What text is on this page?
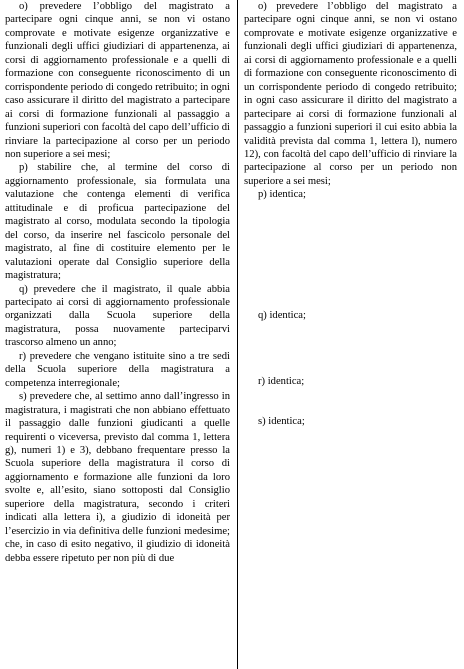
o) prevedere l’obbligo del magistrato a partecipare ogni cinque anni, se non vi ostano comprovate e motivate esigenze organizzative e funzionali degli uffici giudiziari di appartenenza, ai corsi di aggiornamento professionale e a quelli di formazione con conseguente riconoscimento di un corrispondente periodo di congedo retribuito; in ogni caso assicurare il diritto del magistrato a partecipare ai corsi di formazione funzionali al passaggio a funzioni superiori con facoltà del capo dell’ufficio di rinviare la partecipazione al corso per un periodo non superiore a sei mesi;

p) stabilire che, al termine del corso di aggiornamento professionale, sia formulata una valutazione che contenga elementi di verifica attitudinale e di proficua partecipazione del magistrato al corso, modulata secondo la tipologia del corso, da inserire nel fascicolo personale del magistrato, al fine di costituire elemento per le valutazioni operate dal Consiglio superiore della magistratura;

q) prevedere che il magistrato, il quale abbia partecipato ai corsi di aggiornamento professionale organizzati dalla Scuola superiore della magistratura, possa nuovamente parteciparvi trascorso almeno un anno;

r) prevedere che vengano istituite sino a tre sedi della Scuola superiore della magistratura a competenza interregionale;

s) prevedere che, al settimo anno dall’ingresso in magistratura, i magistrati che non abbiano effettuato il passaggio dalle funzioni giudicanti a quelle requirenti o viceversa, previsto dal comma 1, lettera g), numeri 1) e 3), debbano frequentare presso la Scuola superiore della magistratura il corso di aggiornamento e formazione alle funzioni da loro svolte e, all’esito, siano sottoposti dal Consiglio superiore della magistratura, secondo i criteri indicati alla lettera i), a giudizio di idoneità per l’esercizio in via definitiva delle funzioni medesime; che, in caso di esito negativo, il giudizio di idoneità debba essere ripetuto per non più di due

o) prevedere l’obbligo del magistrato a partecipare ogni cinque anni, se non vi ostano comprovate e motivate esigenze organizzative e funzionali degli uffici giudiziari di appartenenza, ai corsi di aggiornamento professionale e a quelli di formazione con conseguente riconoscimento di un corrispondente periodo di congedo retribuito; in ogni caso assicurare il diritto del magistrato a partecipare ai corsi di formazione funzionali al passaggio a funzioni superiori il cui esito abbia la validità prevista dal comma 1, lettera l), numero 12), con facoltà del capo dell’ufficio di rinviare la partecipazione al corso per un periodo non superiore a sei mesi;

p) identica;

q) identica;

r) identica;

s) identica;
